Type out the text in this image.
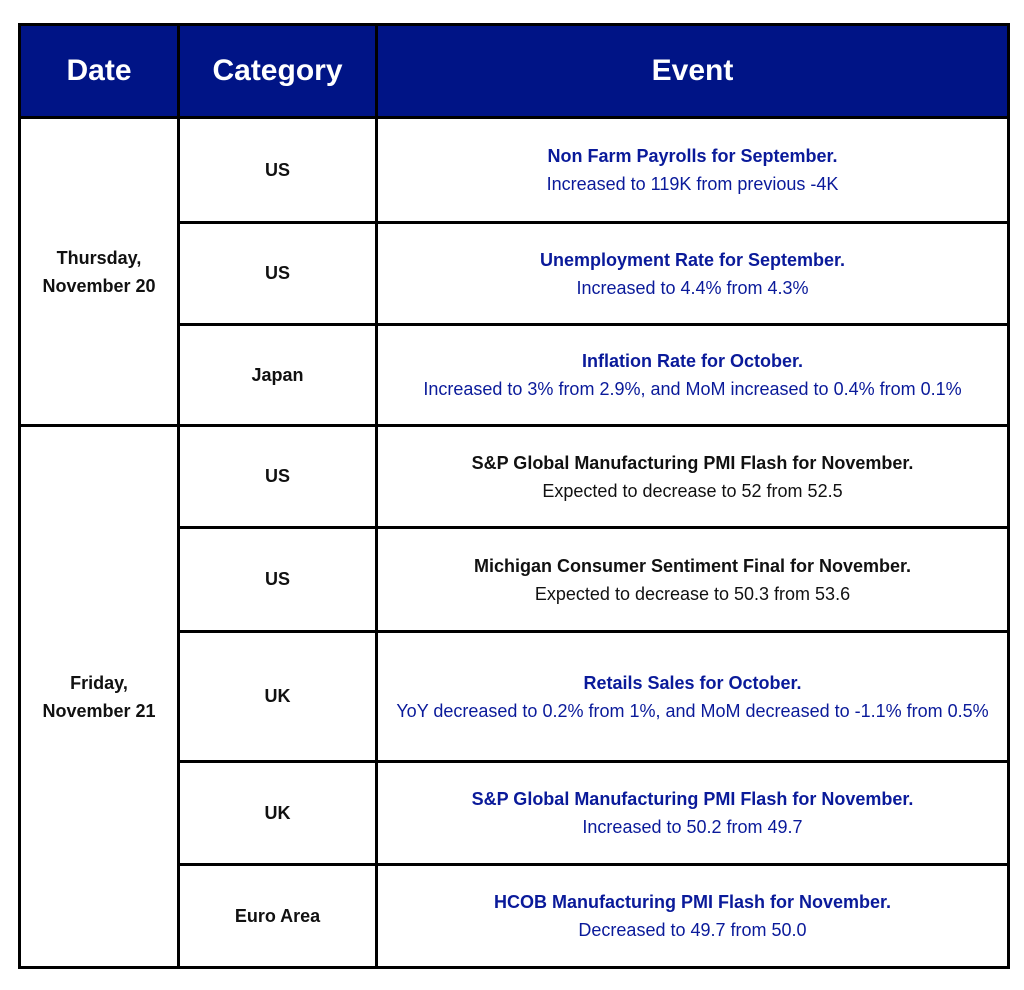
Date	Category	Event
Thursday, November 20	US	Non Farm Payrolls for September.
Increased to 119K from previous -4K

	US	Unemployment Rate for September.
Increased to 4.4% from 4.3%

	Japan	Inflation Rate for October.
Increased to 3% from 2.9%, and MoM increased to 0.4% from 0.1%

Friday, November 21	US	S&P Global Manufacturing PMI Flash for November.
Expected to decrease to 52 from 52.5

	US	Michigan Consumer Sentiment Final for November.
Expected to decrease to 50.3 from 53.6

	UK	Retails Sales for October.
YoY decreased to 0.2% from 1%, and MoM decreased to -1.1% from 0.5%

	UK	S&P Global Manufacturing PMI Flash for November.
Increased to 50.2 from 49.7

	Euro Area	HCOB Manufacturing PMI Flash for November.
Decreased to 49.7 from 50.0
